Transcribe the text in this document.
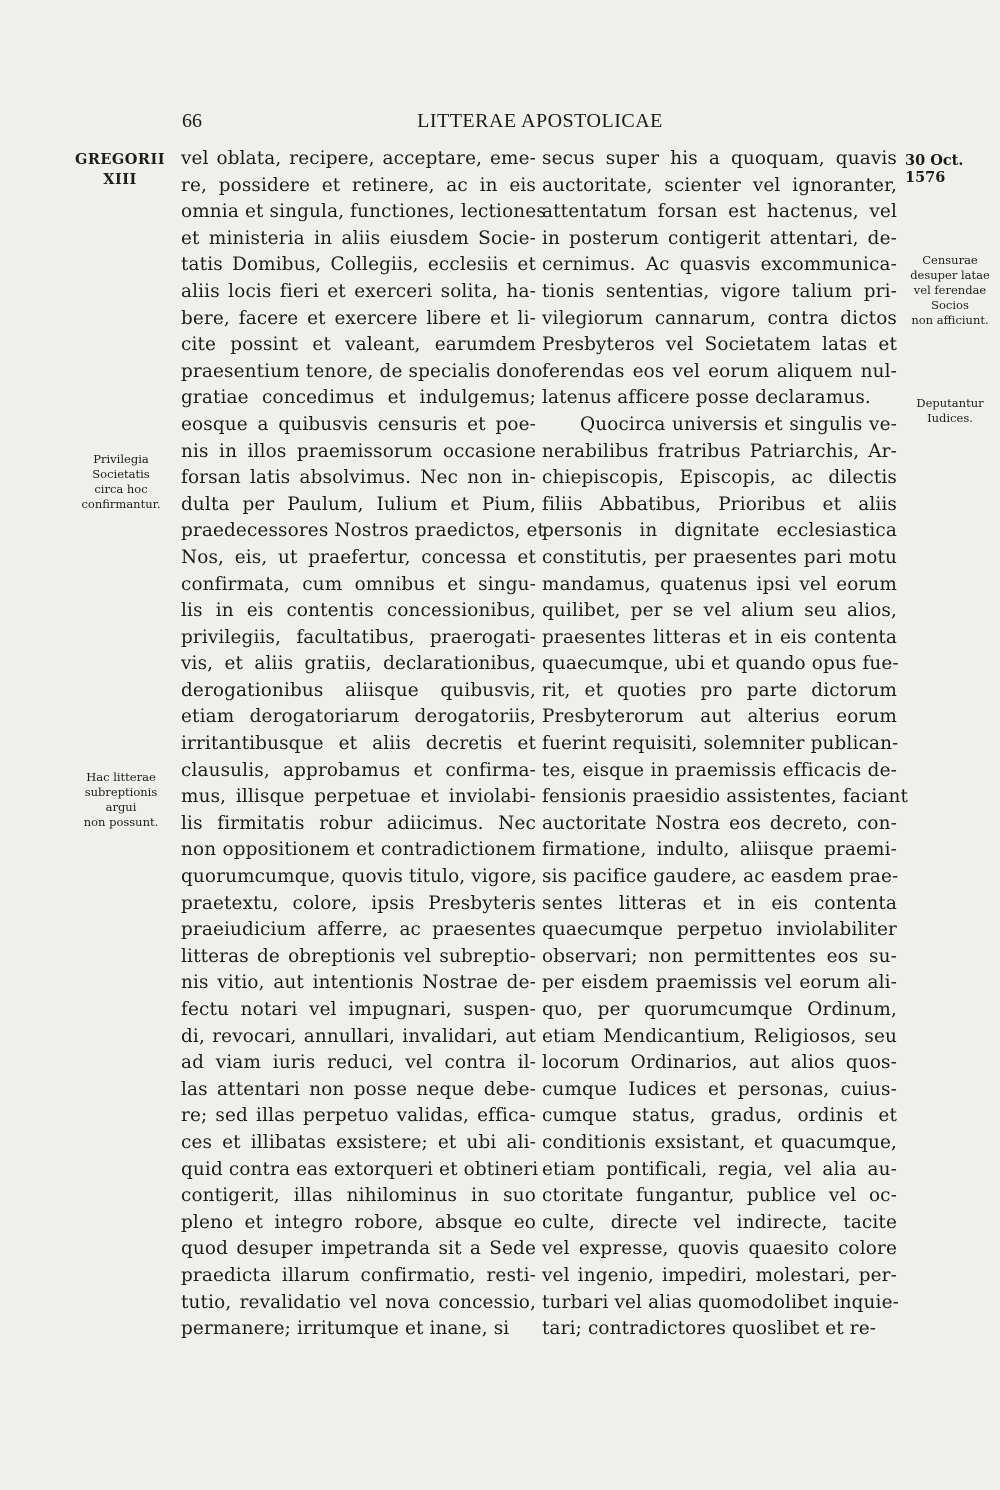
66	LITTERAE APOSTOLICAE
GREGORII
XIII
30 Oct. 1576
Privilegia
Societatis
circa hoc
confirmantur.
Hac litterae
subreptionis
argui
non possunt.
Censurae
desuper latae
vel ferendae
Socios
non afficiunt.
Deputantur
Iudices.
vel oblata, recipere, acceptare, eme-
re, possidere et retinere, ac in eis
omnia et singula, functiones, lectiones
et ministeria in aliis eiusdem Socie-
tatis Domibus, Collegiis, ecclesiis et
aliis locis fieri et exerceri solita, ha-
bere, facere et exercere libere et li-
cite possint et valeant, earumdem
praesentium tenore, de specialis dono
gratiae concedimus et indulgemus;
eosque a quibusvis censuris et poe-
nis in illos praemissorum occasione
forsan latis absolvimus. Nec non in-
dulta per Paulum, Iulium et Pium,
praedecessores Nostros praedictos, et
Nos, eis, ut praefertur, concessa et
confirmata, cum omnibus et singu-
lis in eis contentis concessionibus,
privilegiis, facultatibus, praerogati-
vis, et aliis gratiis, declarationibus,
derogationibus aliisque quibusvis,
etiam derogatoriarum derogatoriis,
irritantibusque et aliis decretis et
clausulis, approbamus et confirma-
mus, illisque perpetuae et inviolabi-
lis firmitatis robur adiicimus. Nec
non oppositionem et contradictionem
quorumcumque, quovis titulo, vigore,
praetextu, colore, ipsis Presbyteris
praeiudicium afferre, ac praesentes
litteras de obreptionis vel subreptio-
nis vitio, aut intentionis Nostrae de-
fectu notari vel impugnari, suspen-
di, revocari, annullari, invalidari, aut
ad viam iuris reduci, vel contra il-
las attentari non posse neque debe-
re; sed illas perpetuo validas, effica-
ces et illibatas exsistere; et ubi ali-
quid contra eas extorqueri et obtineri
contigerit, illas nihilominus in suo
pleno et integro robore, absque eo
quod desuper impetranda sit a Sede
praedicta illarum confirmatio, resti-
tutio, revalidatio vel nova concessio,
permanere; irritumque et inane, si
secus super his a quoquam, quavis
auctoritate, scienter vel ignoranter,
attentatum forsan est hactenus, vel
in posterum contigerit attentari, de-
cernimus. Ac quasvis excommunica-
tionis sententias, vigore talium pri-
vilegiorum cannarum, contra dictos
Presbyteros vel Societatem latas et
ferendas eos vel eorum aliquem nul-
latenus afficere posse declaramus.
Quocirca universis et singulis ve-
nerabilibus fratribus Patriarchis, Ar-
chiepiscopis, Episcopis, ac dilectis
filiis Abbatibus, Prioribus et aliis
personis in dignitate ecclesiastica
constitutis, per praesentes pari motu
mandamus, quatenus ipsi vel eorum
quilibet, per se vel alium seu alios,
praesentes litteras et in eis contenta
quaecumque, ubi et quando opus fue-
rit, et quoties pro parte dictorum
Presbyterorum aut alterius eorum
fuerint requisiti, solemniter publican-
tes, eisque in praemissis efficacis de-
fensionis praesidio assistentes, faciant
auctoritate Nostra eos decreto, con-
firmatione, indulto, aliisque praemi-
sis pacifice gaudere, ac easdem prae-
sentes litteras et in eis contenta
quaecumque perpetuo inviolabiliter
observari; non permittentes eos su-
per eisdem praemissis vel eorum ali-
quo, per quorumcumque Ordinum,
etiam Mendicantium, Religiosos, seu
locorum Ordinarios, aut alios quos-
cumque Iudices et personas, cuius-
cumque status, gradus, ordinis et
conditionis exsistant, et quacumque,
etiam pontificali, regia, vel alia au-
ctoritate fungantur, publice vel oc-
culte, directe vel indirecte, tacite
vel expresse, quovis quaesito colore
vel ingenio, impediri, molestari, per-
turbari vel alias quomodolibet inquie-
tari; contradictores quoslibet et re-
